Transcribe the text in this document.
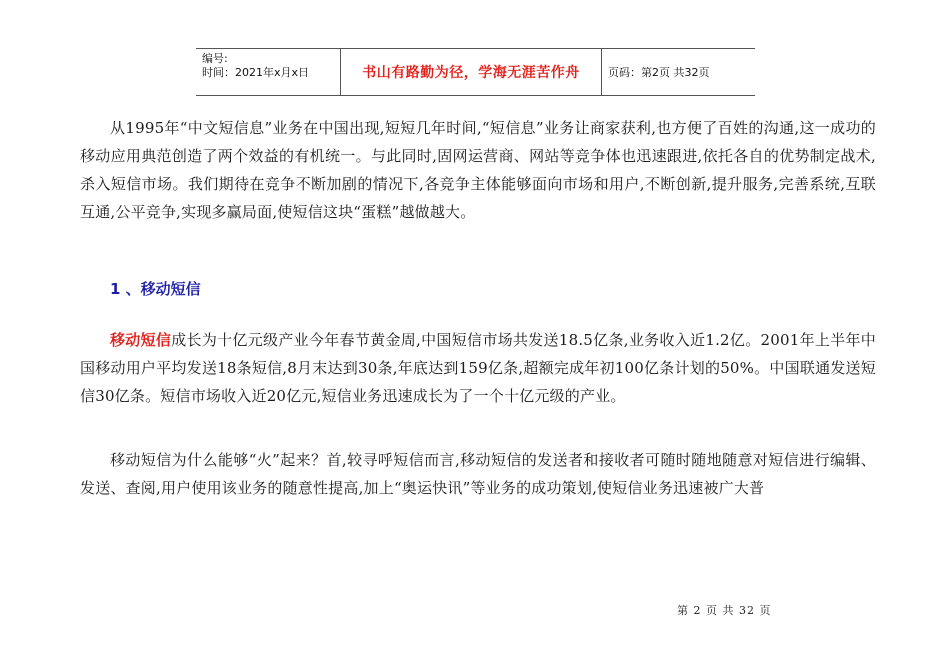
编号:
时间：2021年x月x日	书山有路勤为径，学海无涯苦作舟	页码：第2页 共32页

从1995年“中文短信息”业务在中国出现,短短几年时间,“短信息”业务让商家获利,也方便了百姓的沟通,这一成功的移动应用典范创造了两个效益的有机统一。与此同时,固网运营商、网站等竞争体也迅速跟进,依托各自的优势制定战术,杀入短信市场。我们期待在竞争不断加剧的情况下,各竞争主体能够面向市场和用户,不断创新,提升服务,完善系统,互联互通,公平竞争,实现多赢局面,使短信这块“蛋糕”越做越大。

1 、移动短信

移动短信成长为十亿元级产业今年春节黄金周,中国短信市场共发送18.5亿条,业务收入近1.2亿。2001年上半年中国移动用户平均发送18条短信,8月末达到30条,年底达到159亿条,超额完成年初100亿条计划的50%。中国联通发送短信30亿条。短信市场收入近20亿元,短信业务迅速成长为了一个十亿元级的产业。

移动短信为什么能够“火”起来？首,较寻呼短信而言,移动短信的发送者和接收者可随时随地随意对短信进行编辑、发送、查阅,用户使用该业务的随意性提高,加上“奥运快讯”等业务的成功策划,使短信业务迅速被广大普

第 2 页 共 32 页
